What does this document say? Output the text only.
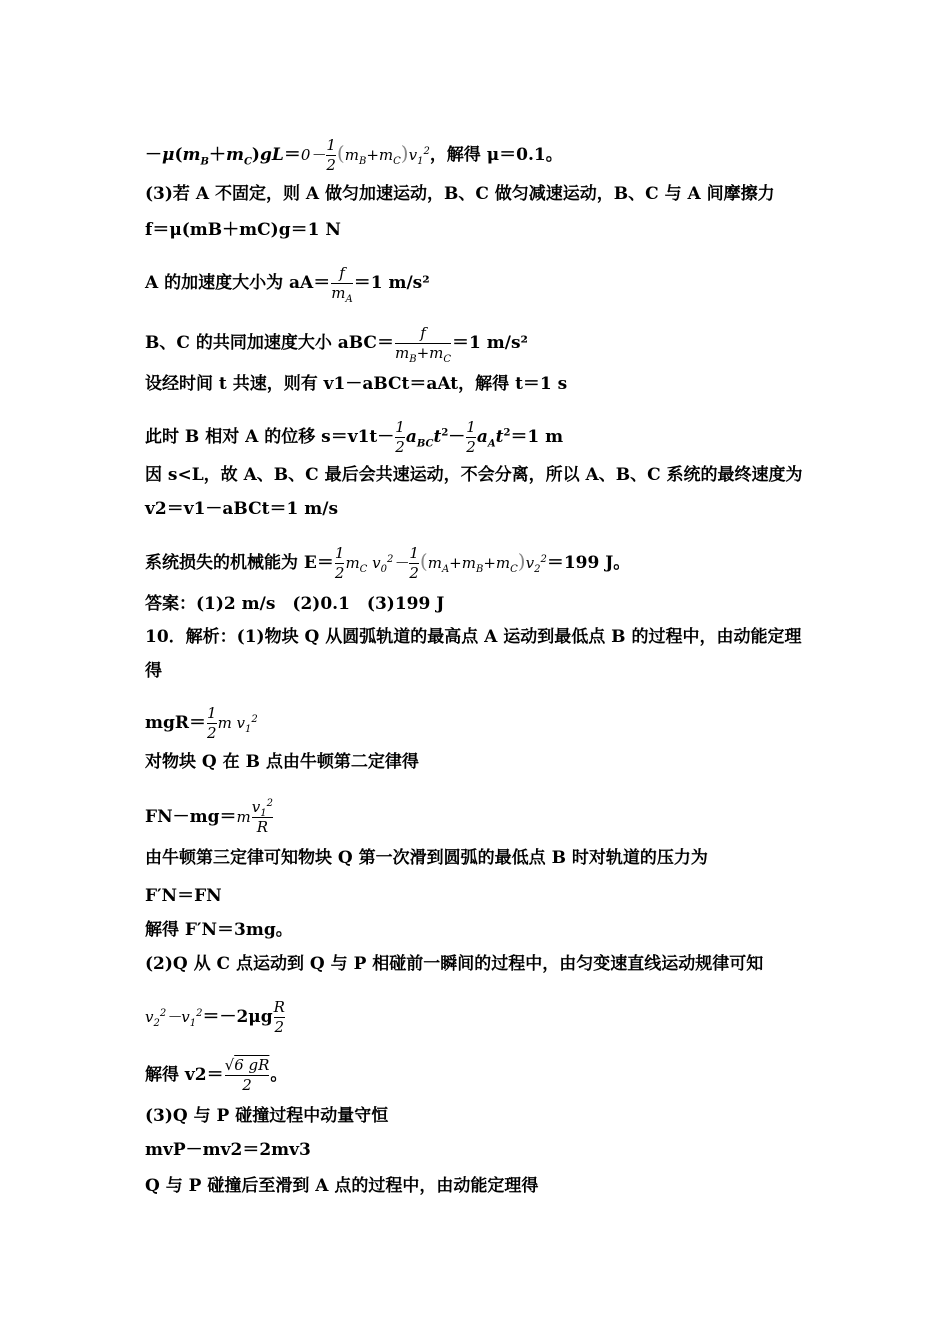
$-\mu(m_B+m_C)gL=0- \frac{1}{2} (m_B+m_C)v_1^2$，解得 μ＝0.1。
(3)若 A 不固定，则 A 做匀加速运动，B、C 做匀减速运动，B、C 与 A 间摩擦力
f＝μ(mB＋mC)g＝1 N
A 的加速度大小为 $aA= \frac{f}{m_A} =1$ m/s²
B、C 的共同加速度大小 $aBC= \frac{f}{m_B+m_C} =1$ m/s²
设经时间 t 共速，则有 v1－aBCt＝aAt，解得 t＝1 s
此时 B 相对 A 的位移 $s=v1t- \frac{1}{2} a_{BC}t^2- \frac{1}{2} a_At^2=1$ m
因 s<L，故 A、B、C 最后会共速运动，不会分离，所以 A、B、C 系统的最终速度为 v2＝v1－aBCt＝1 m/s
系统损失的机械能为 $E= \frac{1}{2} m_C$ $v_0^2- \frac{1}{2} (m_A+m_B+m_C)v_2^2=199$ J。
答案：(1)2 m/s　(2)0.1　(3)199 J
10．解析：(1)物块 Q 从圆弧轨道的最高点 A 运动到最低点 B 的过程中，由动能定理得
$mgR= \frac{1}{2}$ m $v_1^2$
对物块 Q 在 B 点由牛顿第二定律得
$FN-mg=m \frac{v_1^2}{R}$
由牛顿第三定律可知物块 Q 第一次滑到圆弧的最低点 B 时对轨道的压力为
F′N＝FN
解得 F′N＝3mg。
(2)Q 从 C 点运动到 Q 与 P 相碰前一瞬间的过程中，由匀变速直线运动规律可知
$v_2^2-v_1^2=-2\mu g \frac{R}{2}$
解得 $v2= \frac{√6 gR}{2}$ 。
(3)Q 与 P 碰撞过程中动量守恒
mvP－mv2＝2mv3
Q 与 P 碰撞后至滑到 A 点的过程中，由动能定理得
